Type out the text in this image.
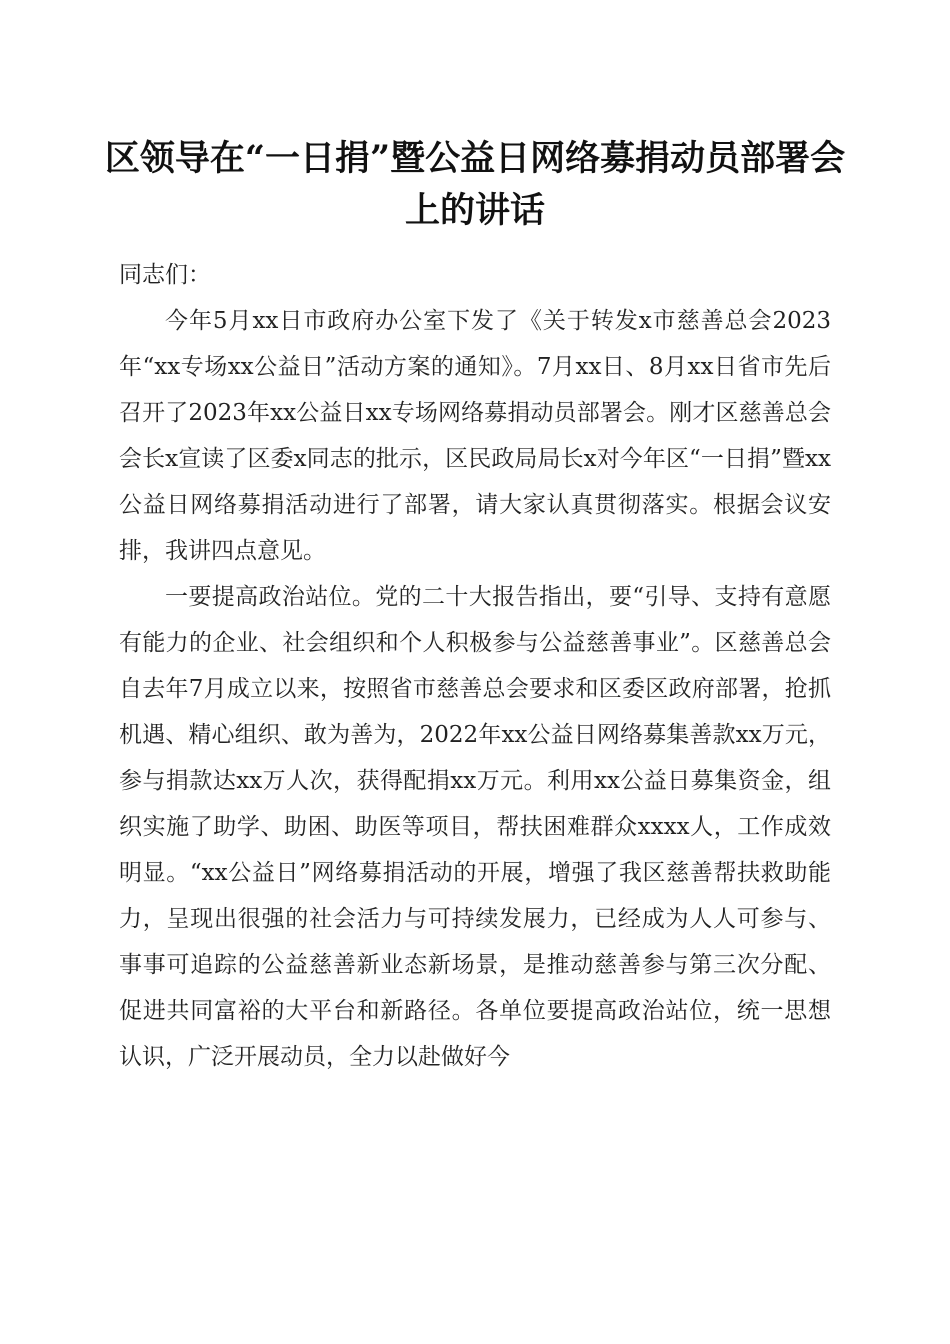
区领导在“一日捐”暨公益日网络募捐动员部署会上的讲话

同志们：

今年5月xx日市政府办公室下发了《关于转发x市慈善总会2023年“xx专场xx公益日”活动方案的通知》。7月xx日、8月xx日省市先后召开了2023年xx公益日xx专场网络募捐动员部署会。刚才区慈善总会会长x宣读了区委x同志的批示，区民政局局长x对今年区“一日捐”暨xx公益日网络募捐活动进行了部署，请大家认真贯彻落实。根据会议安排，我讲四点意见。

一要提高政治站位。党的二十大报告指出，要“引导、支持有意愿有能力的企业、社会组织和个人积极参与公益慈善事业”。区慈善总会自去年7月成立以来，按照省市慈善总会要求和区委区政府部署，抢抓机遇、精心组织、敢为善为，2022年xx公益日网络募集善款xx万元，参与捐款达xx万人次，获得配捐xx万元。利用xx公益日募集资金，组织实施了助学、助困、助医等项目，帮扶困难群众xxxx人，工作成效明显。“xx公益日”网络募捐活动的开展，增强了我区慈善帮扶救助能力，呈现出很强的社会活力与可持续发展力，已经成为人人可参与、事事可追踪的公益慈善新业态新场景，是推动慈善参与第三次分配、促进共同富裕的大平台和新路径。各单位要提高政治站位，统一思想认识，广泛开展动员，全力以赴做好今
